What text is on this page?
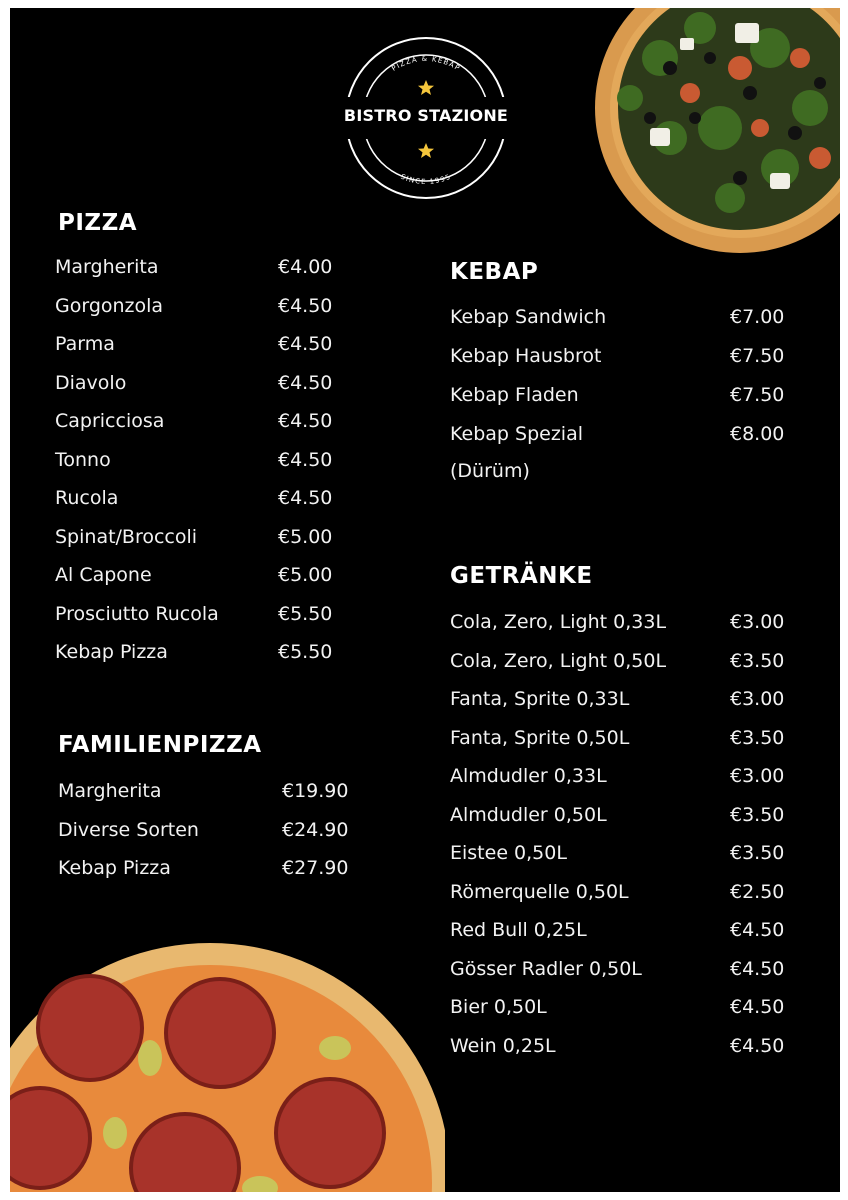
PIZZA & KEBAP
SINCE 1995
BISTRO STAZIONE
PIZZA
Margherita	€4.00
Gorgonzola	€4.50
Parma	€4.50
Diavolo	€4.50
Capricciosa	€4.50
Tonno	€4.50
Rucola	€4.50
Spinat/Broccoli	€5.00
Al Capone	€5.00
Prosciutto Rucola	€5.50
Kebap Pizza	€5.50
FAMILIENPIZZA
Margherita	€19.90
Diverse Sorten	€24.90
Kebap Pizza	€27.90
KEBAP
Kebap Sandwich	€7.00
Kebap Hausbrot	€7.50
Kebap Fladen	€7.50
Kebap Spezial	€8.00
(Dürüm)
GETRÄNKE
Cola, Zero, Light 0,33L	€3.00
Cola, Zero, Light 0,50L	€3.50
Fanta, Sprite 0,33L	€3.00
Fanta, Sprite 0,50L	€3.50
Almdudler 0,33L	€3.00
Almdudler 0,50L	€3.50
Eistee 0,50L	€3.50
Römerquelle 0,50L	€2.50
Red Bull 0,25L	€4.50
Gösser Radler 0,50L	€4.50
Bier 0,50L	€4.50
Wein 0,25L	€4.50
